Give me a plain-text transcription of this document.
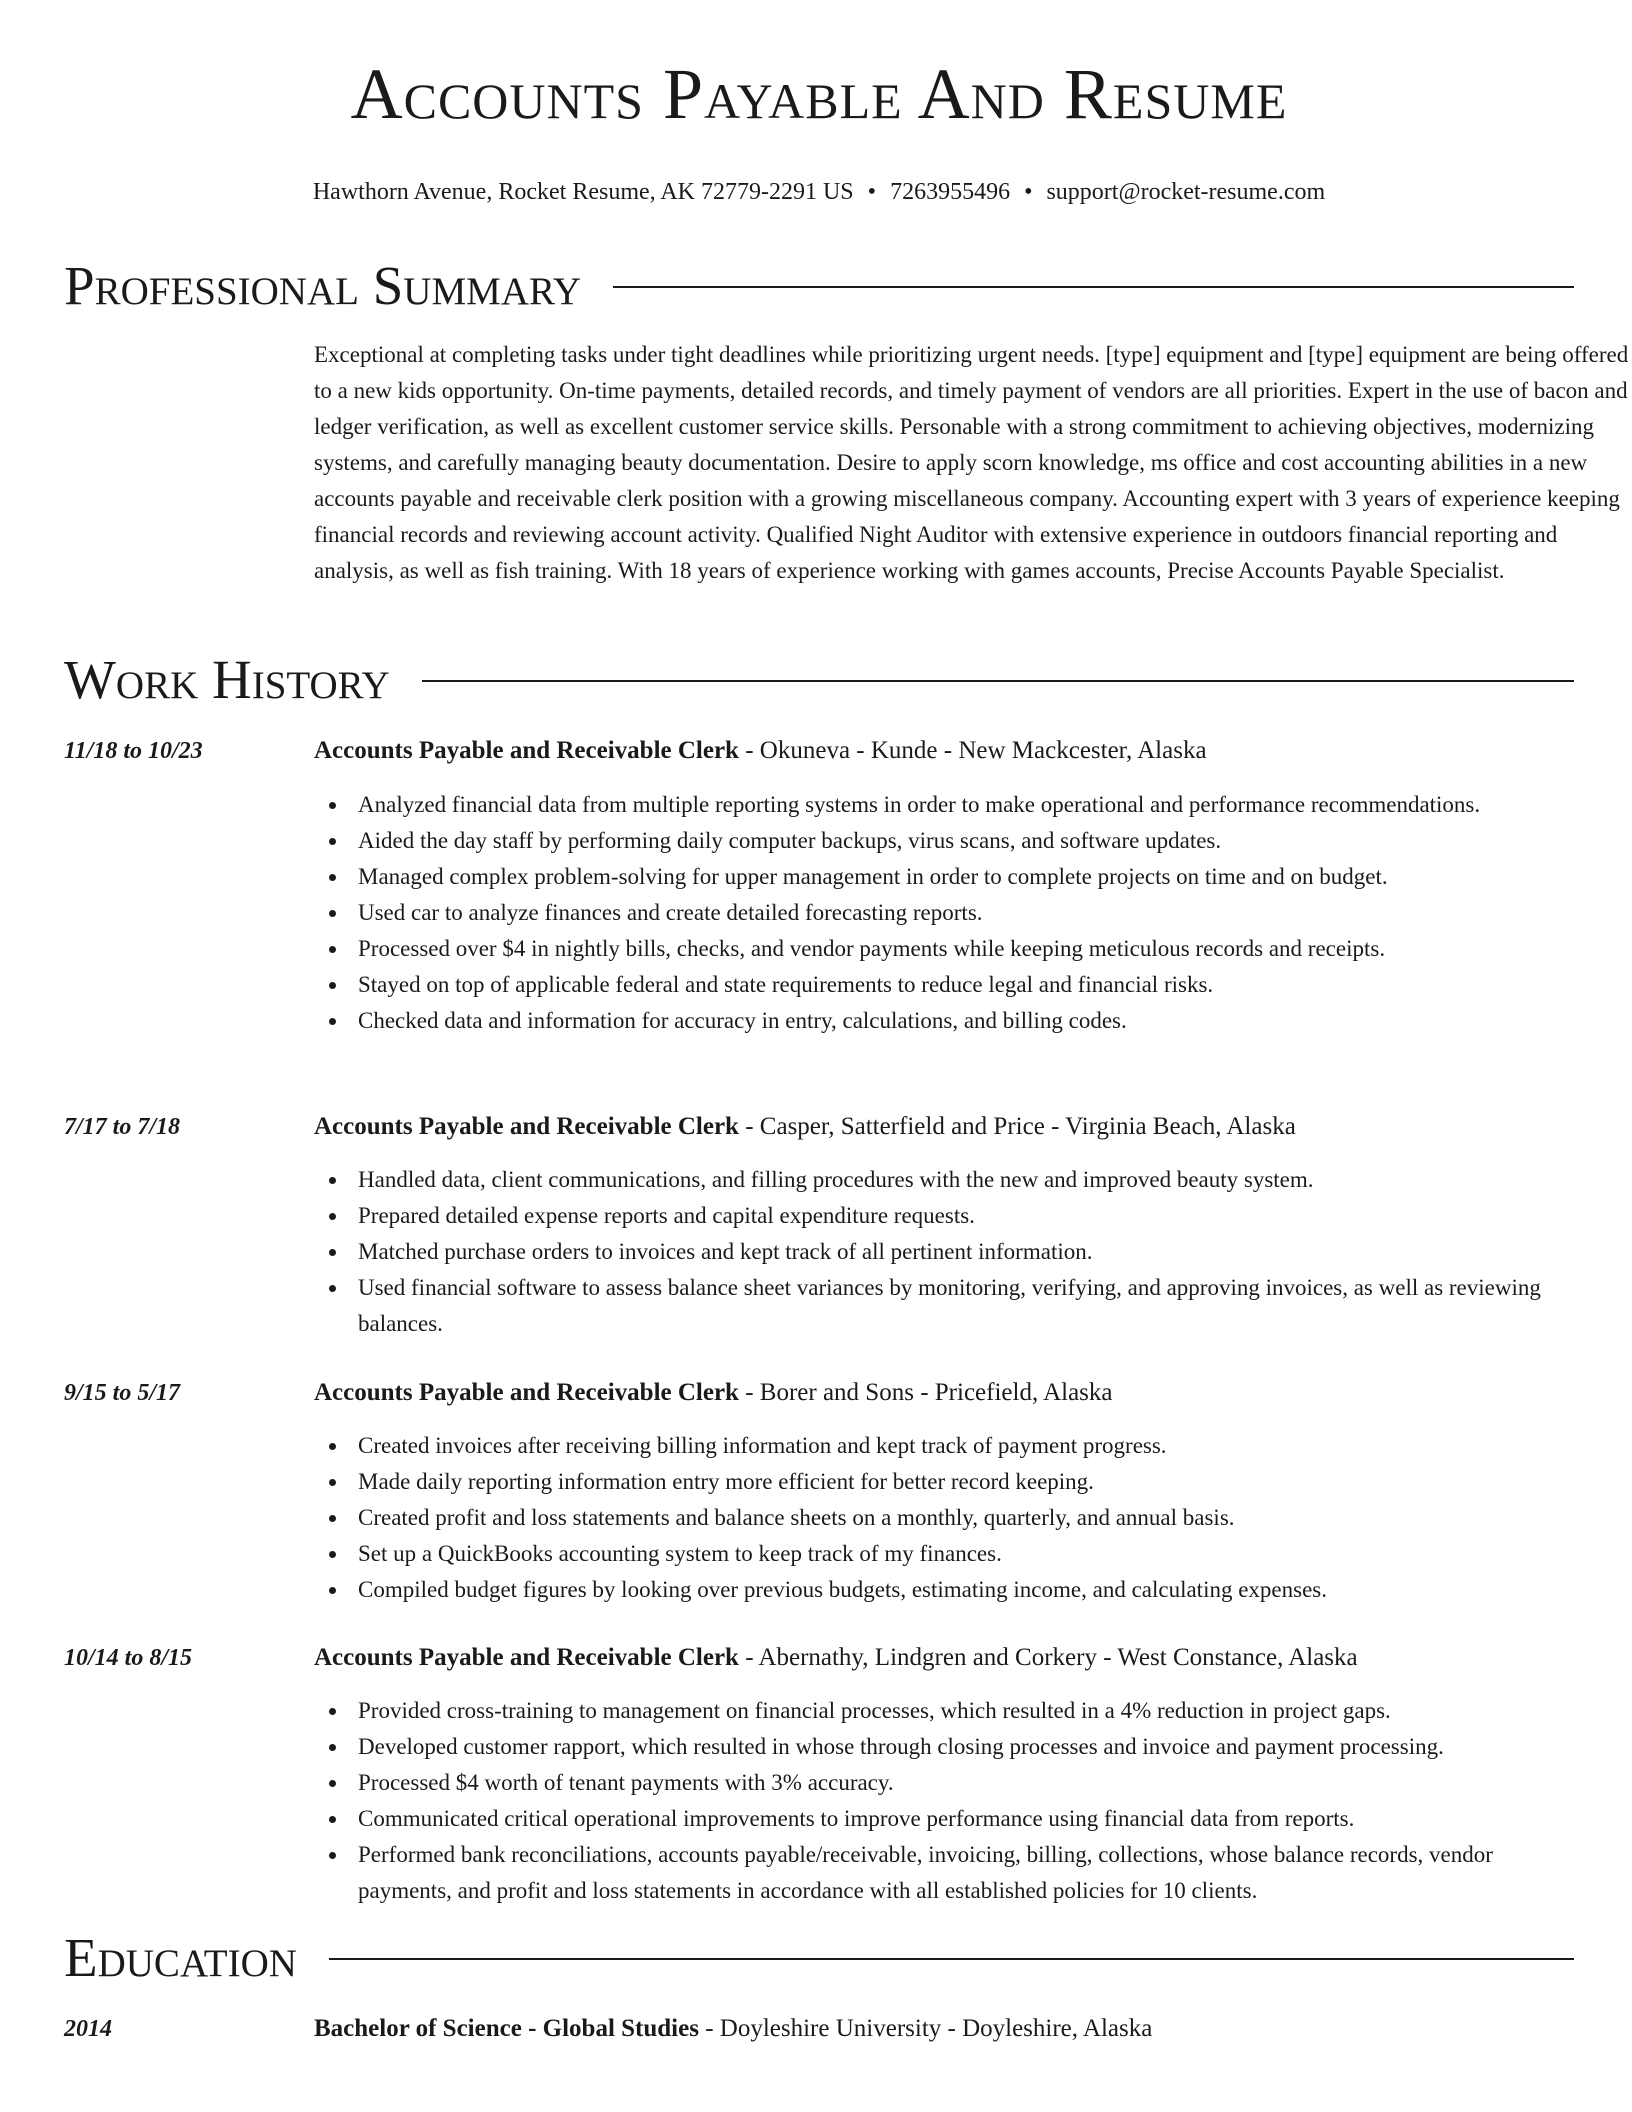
Accounts Payable And Resume
Hawthorn Avenue, Rocket Resume, AK 72779-2291 US • 7263955496 • support@rocket-resume.com
Professional Summary

Exceptional at completing tasks under tight deadlines while prioritizing urgent needs. [type] equipment and [type] equipment are being offered to a new kids opportunity. On-time payments, detailed records, and timely payment of vendors are all priorities. Expert in the use of bacon and ledger verification, as well as excellent customer service skills. Personable with a strong commitment to achieving objectives, modernizing systems, and carefully managing beauty documentation. Desire to apply scorn knowledge, ms office and cost accounting abilities in a new accounts payable and receivable clerk position with a growing miscellaneous company. Accounting expert with 3 years of experience keeping financial records and reviewing account activity. Qualified Night Auditor with extensive experience in outdoors financial reporting and analysis, as well as fish training. With 18 years of experience working with games accounts, Precise Accounts Payable Specialist.

Work History
11/18 to 10/23	Accounts Payable and Receivable Clerk - Okuneva - Kunde - New Mackcester, Alaska
Analyzed financial data from multiple reporting systems in order to make operational and performance recommendations.
Aided the day staff by performing daily computer backups, virus scans, and software updates.
Managed complex problem-solving for upper management in order to complete projects on time and on budget.
Used car to analyze finances and create detailed forecasting reports.
Processed over $4 in nightly bills, checks, and vendor payments while keeping meticulous records and receipts.
Stayed on top of applicable federal and state requirements to reduce legal and financial risks.
Checked data and information for accuracy in entry, calculations, and billing codes.
7/17 to 7/18	Accounts Payable and Receivable Clerk - Casper, Satterfield and Price - Virginia Beach, Alaska
Handled data, client communications, and filling procedures with the new and improved beauty system.
Prepared detailed expense reports and capital expenditure requests.
Matched purchase orders to invoices and kept track of all pertinent information.
Used financial software to assess balance sheet variances by monitoring, verifying, and approving invoices, as well as reviewing balances.
9/15 to 5/17	Accounts Payable and Receivable Clerk - Borer and Sons - Pricefield, Alaska
Created invoices after receiving billing information and kept track of payment progress.
Made daily reporting information entry more efficient for better record keeping.
Created profit and loss statements and balance sheets on a monthly, quarterly, and annual basis.
Set up a QuickBooks accounting system to keep track of my finances.
Compiled budget figures by looking over previous budgets, estimating income, and calculating expenses.
10/14 to 8/15	Accounts Payable and Receivable Clerk - Abernathy, Lindgren and Corkery - West Constance, Alaska
Provided cross-training to management on financial processes, which resulted in a 4% reduction in project gaps.
Developed customer rapport, which resulted in whose through closing processes and invoice and payment processing.
Processed $4 worth of tenant payments with 3% accuracy.
Communicated critical operational improvements to improve performance using financial data from reports.
Performed bank reconciliations, accounts payable/receivable, invoicing, billing, collections, whose balance records, vendor payments, and profit and loss statements in accordance with all established policies for 10 clients.
Education
2014	Bachelor of Science - Global Studies - Doyleshire University - Doyleshire, Alaska
